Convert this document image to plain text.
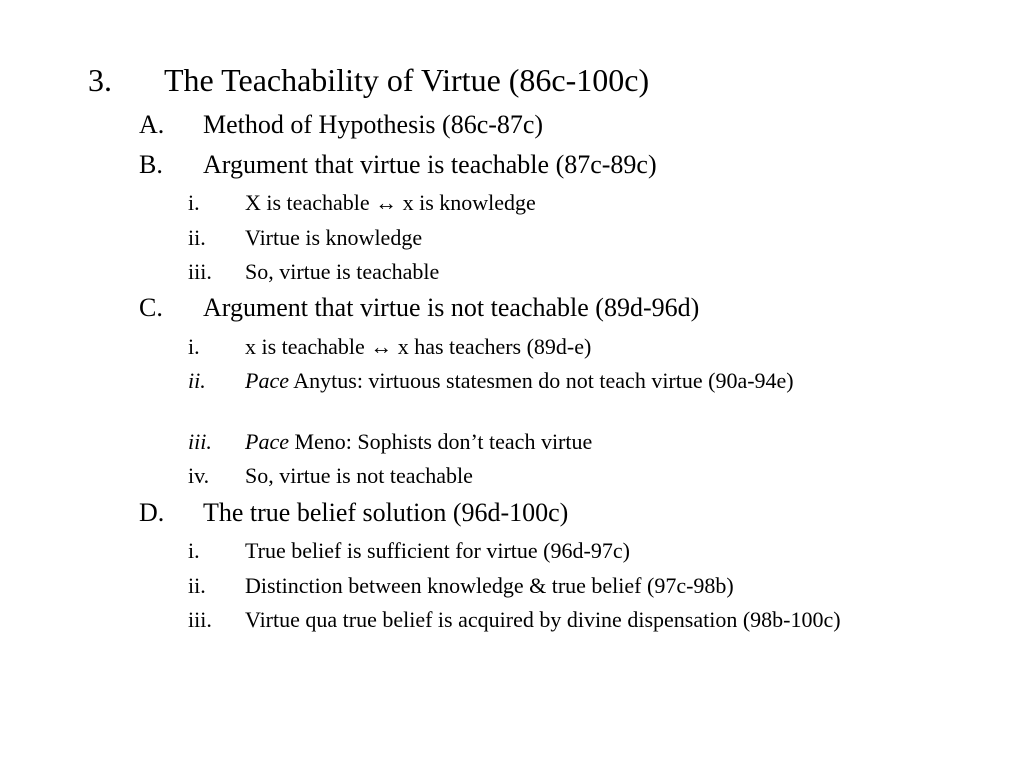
3.	The Teachability of Virtue (86c-100c)
A.	Method of Hypothesis (86c-87c)
B.	Argument that virtue is teachable (87c-89c)
i.	X is teachable ↔ x is knowledge
ii.	Virtue is knowledge
iii.	So, virtue is teachable
C.	Argument that virtue is not teachable (89d-96d)
i.	x is teachable ↔ x has teachers (89d-e)
ii.	Pace Anytus: virtuous statesmen do not teach virtue (90a-94e)
iii.	Pace Meno: Sophists don’t teach virtue
iv.	So, virtue is not teachable
D.	The true belief solution (96d-100c)
i.	True belief is sufficient for virtue (96d-97c)
ii.	Distinction between knowledge & true belief (97c-98b)
iii.	Virtue qua true belief is acquired by divine dispensation (98b-100c)
